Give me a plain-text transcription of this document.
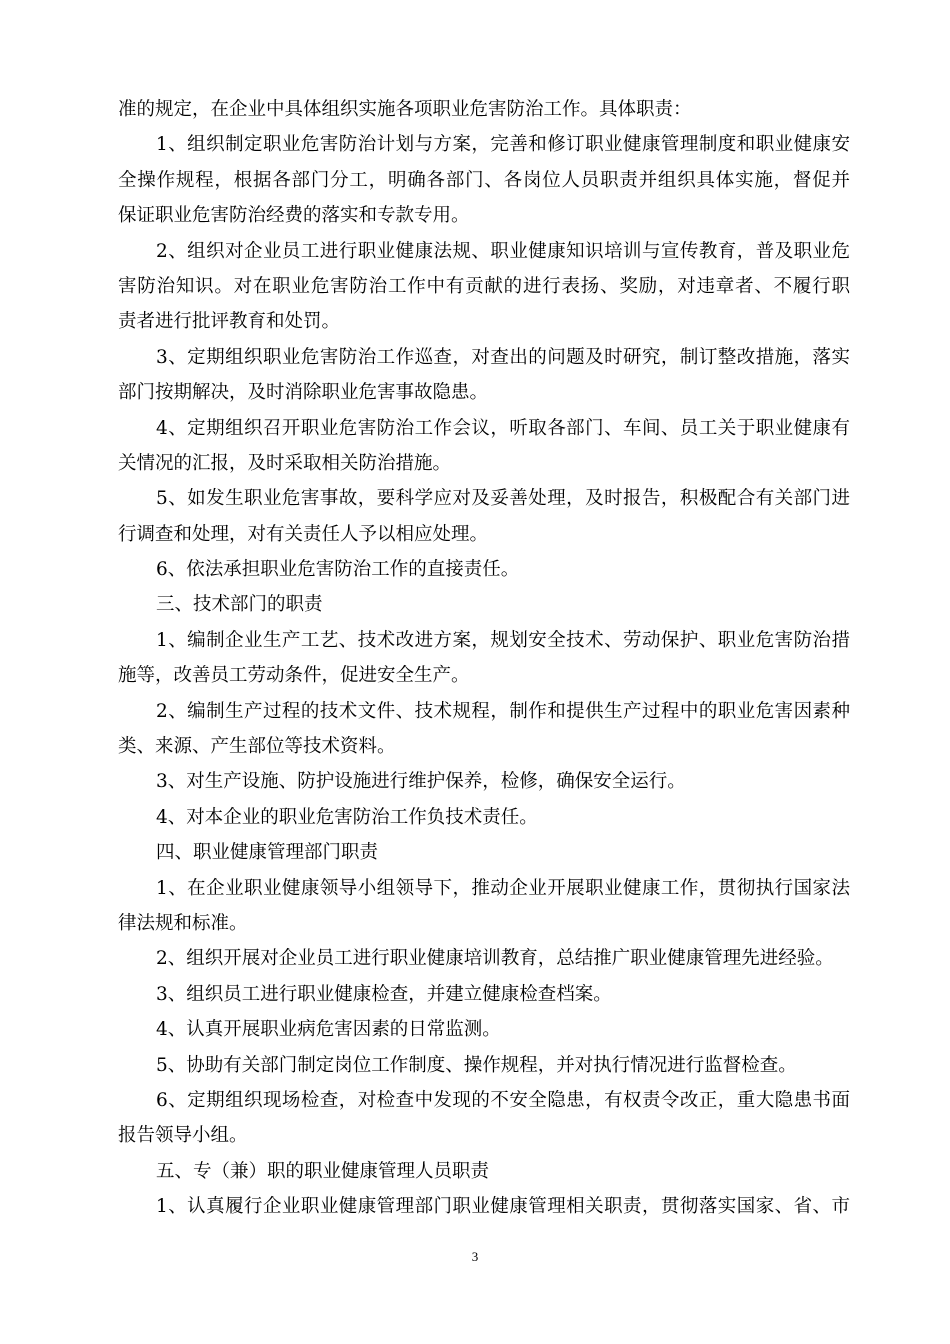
准的规定，在企业中具体组织实施各项职业危害防治工作。具体职责：
1、组织制定职业危害防治计划与方案，完善和修订职业健康管理制度和职业健康安
全操作规程，根据各部门分工，明确各部门、各岗位人员职责并组织具体实施，督促并
保证职业危害防治经费的落实和专款专用。
2、组织对企业员工进行职业健康法规、职业健康知识培训与宣传教育，普及职业危
害防治知识。对在职业危害防治工作中有贡献的进行表扬、奖励，对违章者、不履行职
责者进行批评教育和处罚。
3、定期组织职业危害防治工作巡查，对查出的问题及时研究，制订整改措施，落实
部门按期解决，及时消除职业危害事故隐患。
4、定期组织召开职业危害防治工作会议，听取各部门、车间、员工关于职业健康有
关情况的汇报，及时采取相关防治措施。
5、如发生职业危害事故，要科学应对及妥善处理，及时报告，积极配合有关部门进
行调查和处理，对有关责任人予以相应处理。
6、依法承担职业危害防治工作的直接责任。
三、技术部门的职责
1、编制企业生产工艺、技术改进方案，规划安全技术、劳动保护、职业危害防治措
施等，改善员工劳动条件，促进安全生产。
2、编制生产过程的技术文件、技术规程，制作和提供生产过程中的职业危害因素种
类、来源、产生部位等技术资料。
3、对生产设施、防护设施进行维护保养，检修，确保安全运行。
4、对本企业的职业危害防治工作负技术责任。
四、职业健康管理部门职责
1、在企业职业健康领导小组领导下，推动企业开展职业健康工作，贯彻执行国家法
律法规和标准。
2、组织开展对企业员工进行职业健康培训教育，总结推广职业健康管理先进经验。
3、组织员工进行职业健康检查，并建立健康检查档案。
4、认真开展职业病危害因素的日常监测。
5、协助有关部门制定岗位工作制度、操作规程，并对执行情况进行监督检查。
6、定期组织现场检查，对检查中发现的不安全隐患，有权责令改正，重大隐患书面
报告领导小组。
五、专（兼）职的职业健康管理人员职责
1、认真履行企业职业健康管理部门职业健康管理相关职责，贯彻落实国家、省、市
3
